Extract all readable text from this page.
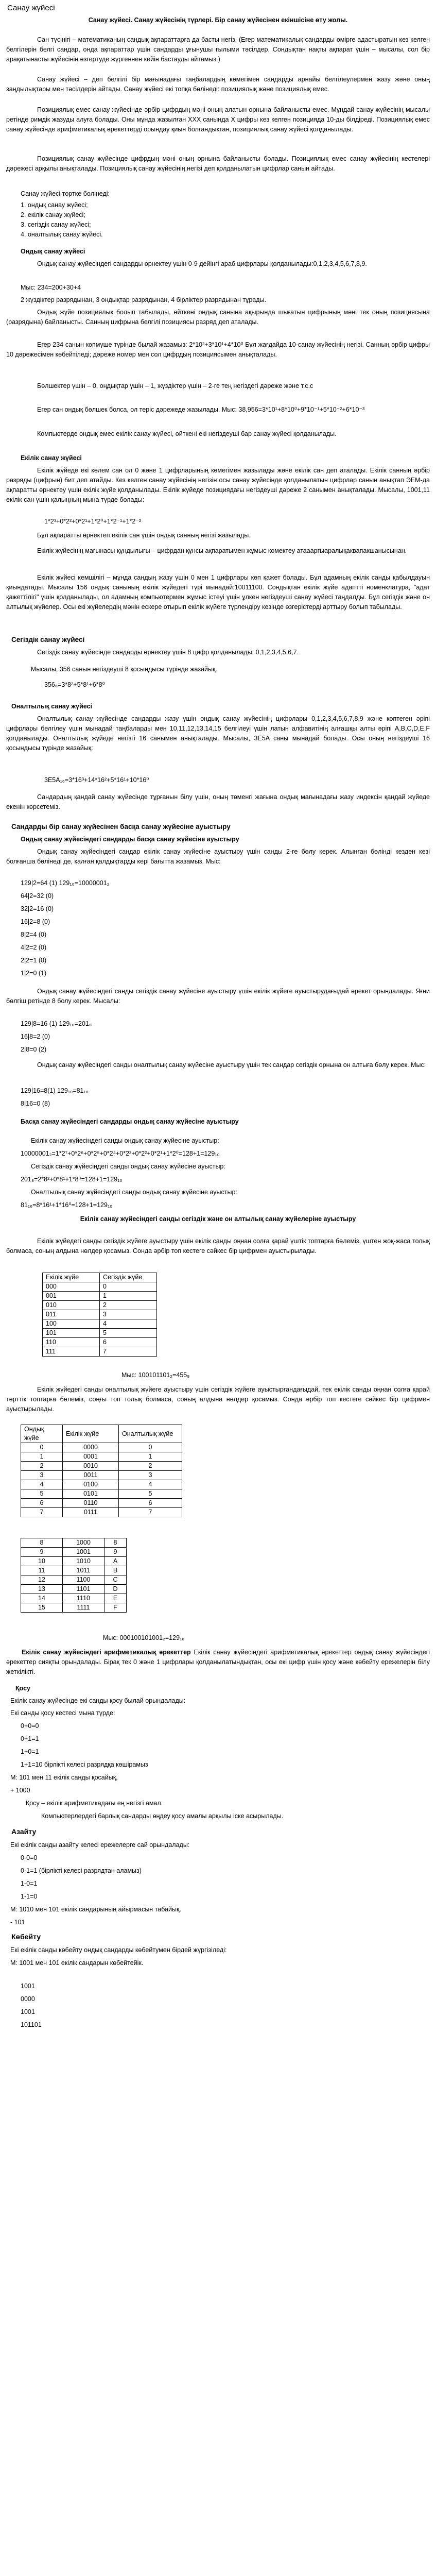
Санау жүйесі
Санау жүйесі. Санау жүйесінің түрлері. Бір санау жүйесінен екіншісіне өту жолы.
Сан түсінігі – математиканың сандық ақпараттарға да басты негіз. (Егер математикалық сандарды өмірге адастыратын кез келген белгілерін белгі сандар, онда ақпараттар үшін сандарды ұғынушы ғылыми тәсілдер. Сондықтан нақты ақпарат үшін – мысалы, сол бір арақатынасты жүйесінің өзгертуде жүргеннен кейін бастауды айтамыз.)
Санау жүйесі – деп белгілі бір мағынадағы таңбалардың көмегімен сандарды арнайы белгілеулермен жазу және оның заңдылықтары мен тәсілдерін айтады. Санау жүйесі екі топқа бөлінеді: позициялық және позициялық емес.
Позициялық емес санау жүйесінде әрбір цифрдың мәні оның алатын орнына байланысты емес. Мұндай санау жүйесінің мысалы ретінде римдік жазуды алуға болады. Оны мұнда жазылған XXX санында X цифры кез келген позицияда 10-ды білдіреді. Позициялық емес санау жүйесінде арифметикалық әрекеттерді орындау қиын болғандықтан, позициялық санау жүйесі қолданылады.
Позициялық санау жүйесінде цифрдың мәні оның орнына байланысты болады. Позициялық емес санау жүйесінің кестелері дәрежесі арқылы анықталады. Позициялық санау жүйесінің негізі деп қолданылатын цифрлар санын айтады.
Санау жүйесі төртке бөлінеді:
1. ондық санау жүйесі;
2. екілік санау жүйесі;
3. сегіздік санау жүйесі;
4. оналтылық санау жүйесі.
Ондық санау жүйесі
Ондық санау жүйесіндегі сандарды өрнектеу үшін 0-9 дейінгі араб цифрлары қолданылады:0,1,2,3,4,5,6,7,8,9.
Мыс: 234=200+30+4
2 жүздіктер разрядынан, 3 ондықтар разрядынан, 4 бірліктер разрядынан тұрады.
Ондық жүйе позициялық болып табылады, өйткені ондық санына ақырында шығатын цифрының мәні тек оның позициясына (разрядына) байланысты. Санның цифрына белгілі позициясы разряд деп аталады.
Егер 234 санын көпмүше түрінде былай жазамыз: 2*10²+3*10¹+4*10⁰ Бұл жағдайда 10-санау жүйесінің негізі. Санның әрбір цифры 10 дәрежесімен көбейтіледі; дәреже номер мен сол цифрдың позициясымен анықталады.
Бөлшектер үшін – 0, оңдықтар үшін – 1, жүздіктер үшін – 2-ге тең негіздегі дәреже және т.с.с
Егер сан ондық бөлшек болса, ол теріс дәрежеде жазылады. Мыс: 38,956=3*10¹+8*10⁰+9*10⁻¹+5*10⁻²+6*10⁻³
Компьютерде ондық емес екілік санау жүйесі, өйткені екі негіздеуші бар санау жүйесі қолданылады.
Екілік санау жүйесі
Екілік жүйеде екі көлем сан ол 0 және 1 цифрларының көмегімен жазылады және екілік сан деп аталады. Екілік санның әрбір разряды (цифрын) бит деп атайды. Кез келген санау жүйесінің негізін осы санау жүйесінде қолданылатын цифрлар санын анықтап ЭЕМ-да ақпаратты өрнектеу үшін екілік жүйе қолданылады. Екілік жүйеде позициядағы негіздеуші дәреже 2 санымен анықталады. Мысалы, 1001,11 екілік сан үшін қалыңның мына түрде болады:
1*2³+0*2²+0*2¹+1*2⁰+1*2⁻¹+1*2⁻²
Бұл ақпаратты өрнектеп екілік сан үшін ондық санның негізі жазылады.
Екілік жүйесінің мағынасы құндылығы – цифрдан құнсы ақпаратымен жұмыс көмектеу атааарғыаралықаквапакшанысынан.
Екілік жүйесі кемшілігі – мұнда сандың жазу үшін 0 мен 1 цифрлары көп қажет болады. Бұл адамның екілік санды қабылдауын қиындатады. Мысалы 156 ондық санының екілік жүйедегі түрі мынадай:10011100. Сондықтан екілік жүйе адаптті номенклатура, "адат қажеттілігі" үшін қолданылады, ол адамның компьютермен жұмыс істеуі үшін ұлкен негіздеуші санау жүйесі таңдалды. Бұл сегіздік және он алтылық жүйелер. Осы екі жүйелердің мәнін ескере отырып екілік жүйеге түрлендіру кезінде өзгерістерді арттыру болып табылады.
Сегіздік санау жүйесі
Сегіздік санау жүйесінде сандарды өрнектеу үшін 8 цифр қолданылады: 0,1,2,3,4,5,6,7.
Мысалы, 356 санын негіздеуші 8 қосындысы түрінде жазайық.
356₈=3*8²+5*8¹+6*8⁰
Оналтылық санау жүйесі
Оналтылық санау жүйесінде сандарды жазу үшін ондық санау жүйесінің цифрлары 0,1,2,3,4,5,6,7,8,9 және көптеген әріпі цифрлары белгілеу үшін мынадай таңбаларды мен 10,11,12,13,14,15 белгілеуі үшін латын алфавитінің алғашқы алты әріпі A,B,C,D,E,F қолданылады. Оналтылық жүйеде негізгі 16 санымен анықталады. Мысалы, 3E5A саны мынадай болады. Осы оның негіздеуші 16 қосындысы түрінде жазайық:
3E5A₁₆=3*16³+14*16²+5*16¹+10*16⁰
Сандардың қандай санау жүйесінде тұрғанын білу үшін, оның төменгі жағына ондық мағынадағы жазу индексін қандай жүйеде екенін көрсетеміз.
Сандарды бір санау жүйесінен басқа санау жүйесіне ауыстыру
Ондық санау жүйесіндегі сандарды басқа санау жүйесіне ауыстыру
Ондық санау жүйесіндегі сандар екілік санау жүйесіне ауыстыру үшін санды 2-ге бөлу керек. Алынған бөлінді кезден кезі болғанша бөлінеді де, қалған қалдықтарды кері бағытта жазамыз. Мыс:
129|2=64 (1) 129₁₀=10000001₂
64|2=32 (0)
32|2=16 (0)
16|2=8 (0)
8|2=4 (0)
4|2=2 (0)
2|2=1 (0)
1|2=0 (1)
Ондық санау жүйесіндегі санды сегіздік санау жүйесіне ауыстыру үшін екілік жүйеге ауыстырудағыдай әрекет орындалады. Яғни бөлгіш ретінде 8 болу керек. Мысалы:
129|8=16 (1) 129₁₀=201₈
16|8=2 (0)
2|8=0 (2)
Ондық санау жүйесіндегі санды оналтылық санау жүйесіне ауыстыру үшін тек сандар сегіздік орнына он алтыға бөлу керек. Мыс:
129|16=8(1) 129₁₀=81₁₆
8|16=0 (8)
Басқа санау жүйесіндегі сандарды ондық санау жүйесіне ауыстыру
Екілік санау жүйесіндегі санды ондық санау жүйесіне ауыстыр:
10000001₂=1*2⁷+0*2⁶+0*2⁵+0*2⁴+0*2³+0*2²+0*2¹+1*2⁰=128+1=129₁₀
Сегіздік санау жүйесіндегі санды ондық санау жүйесіне ауыстыр:
201₈=2*8²+0*8¹+1*8⁰=128+1=129₁₀
Оналтылық санау жүйесіндегі санды ондық санау жүйесіне ауыстыр:
81₁₆=8*16¹+1*16⁰=128+1=129₁₀
Екілік санау жүйесіндегі санды сегіздік және он алтылық санау жүйелеріне ауыстыру
Екілік жүйедегі санды сегіздік жүйеге ауыстыру үшін екілік санды оңнан солға қарай үштік топтарға бөлеміз, үштен жоқ-жаса толық болмаса, соның алдына нөлдер қосамыз. Сонда әрбір топ кестеге сәйкес бір цифрмен ауыстырылады.
Екілік жүйе	Сегіздік жүйе
000	0
001	1
010	2
011	3
100	4
101	5
110	6
111	7
Мыс: 100101101₂=455₈
Екілік жүйедегі санды оналтылық жүйеге ауыстыру үшін сегіздік жүйеге ауыстырғандағыдай, тек екілік санды оңнан солға қарай төрттік топтарға бөлеміз, соңғы топ толық болмаса, соның алдына нөлдер қосамыз. Сонда әрбір топ кестеге сәйкес бір цифрмен ауыстырылады.
Ондық жүйе	Екілік жүйе	Оналтылық жүйе
0	0000	0
1	0001	1
2	0010	2
3	0011	3
4	0100	4
5	0101	5
6	0110	6
7	0111	7
8	1000	8
9	1001	9
10	1010	A
11	1011	B
12	1100	C
13	1101	D
14	1110	E
15	1111	F
Мыс: 000100101001₂=129₁₆
Екілік санау жүйесіндегі арифметикалық әрекеттер Екілік санау жүйесіндегі арифметикалық әрекеттер ондық санау жүйесіндегі әрекеттер сияқты орындалады. Бірақ тек 0 және 1 цифрлары қолданылатындықтан, осы екі цифр үшін қосу және көбейту ережелерін білу жеткілікті.
Қосу
Екілік санау жүйесінде екі санды қосу былай орындалады:
Екі санды қосу кестесі мына түрде:
0+0=0
0+1=1
1+0=1
1+1=10 бірлікті келесі разрядқа көшірамыз
М: 101 мен 11 екілік санды қосайық,
+ 1000
Қосу – екілік арифметикадағы ең негізгі амал.
Компьютерлердегі барлық сандарды өңдеу қосу амалы арқылы іске асырылады.
Азайту
Екі екілік санды азайту келесі ережелерге сай орындалады:
0-0=0
0-1=1 (бірлікті келесі разрядтан аламыз)
1-0=1
1-1=0
М: 1010 мен 101 екілік сандарының айырмасын табайық.
- 101
Көбейту
Екі екілік санды көбейту ондық сандарды көбейтумен бірдей жүргізіледі:
М: 1001 мен 101 екілік сандарын көбейтейік.
1001
0000
1001
101101
